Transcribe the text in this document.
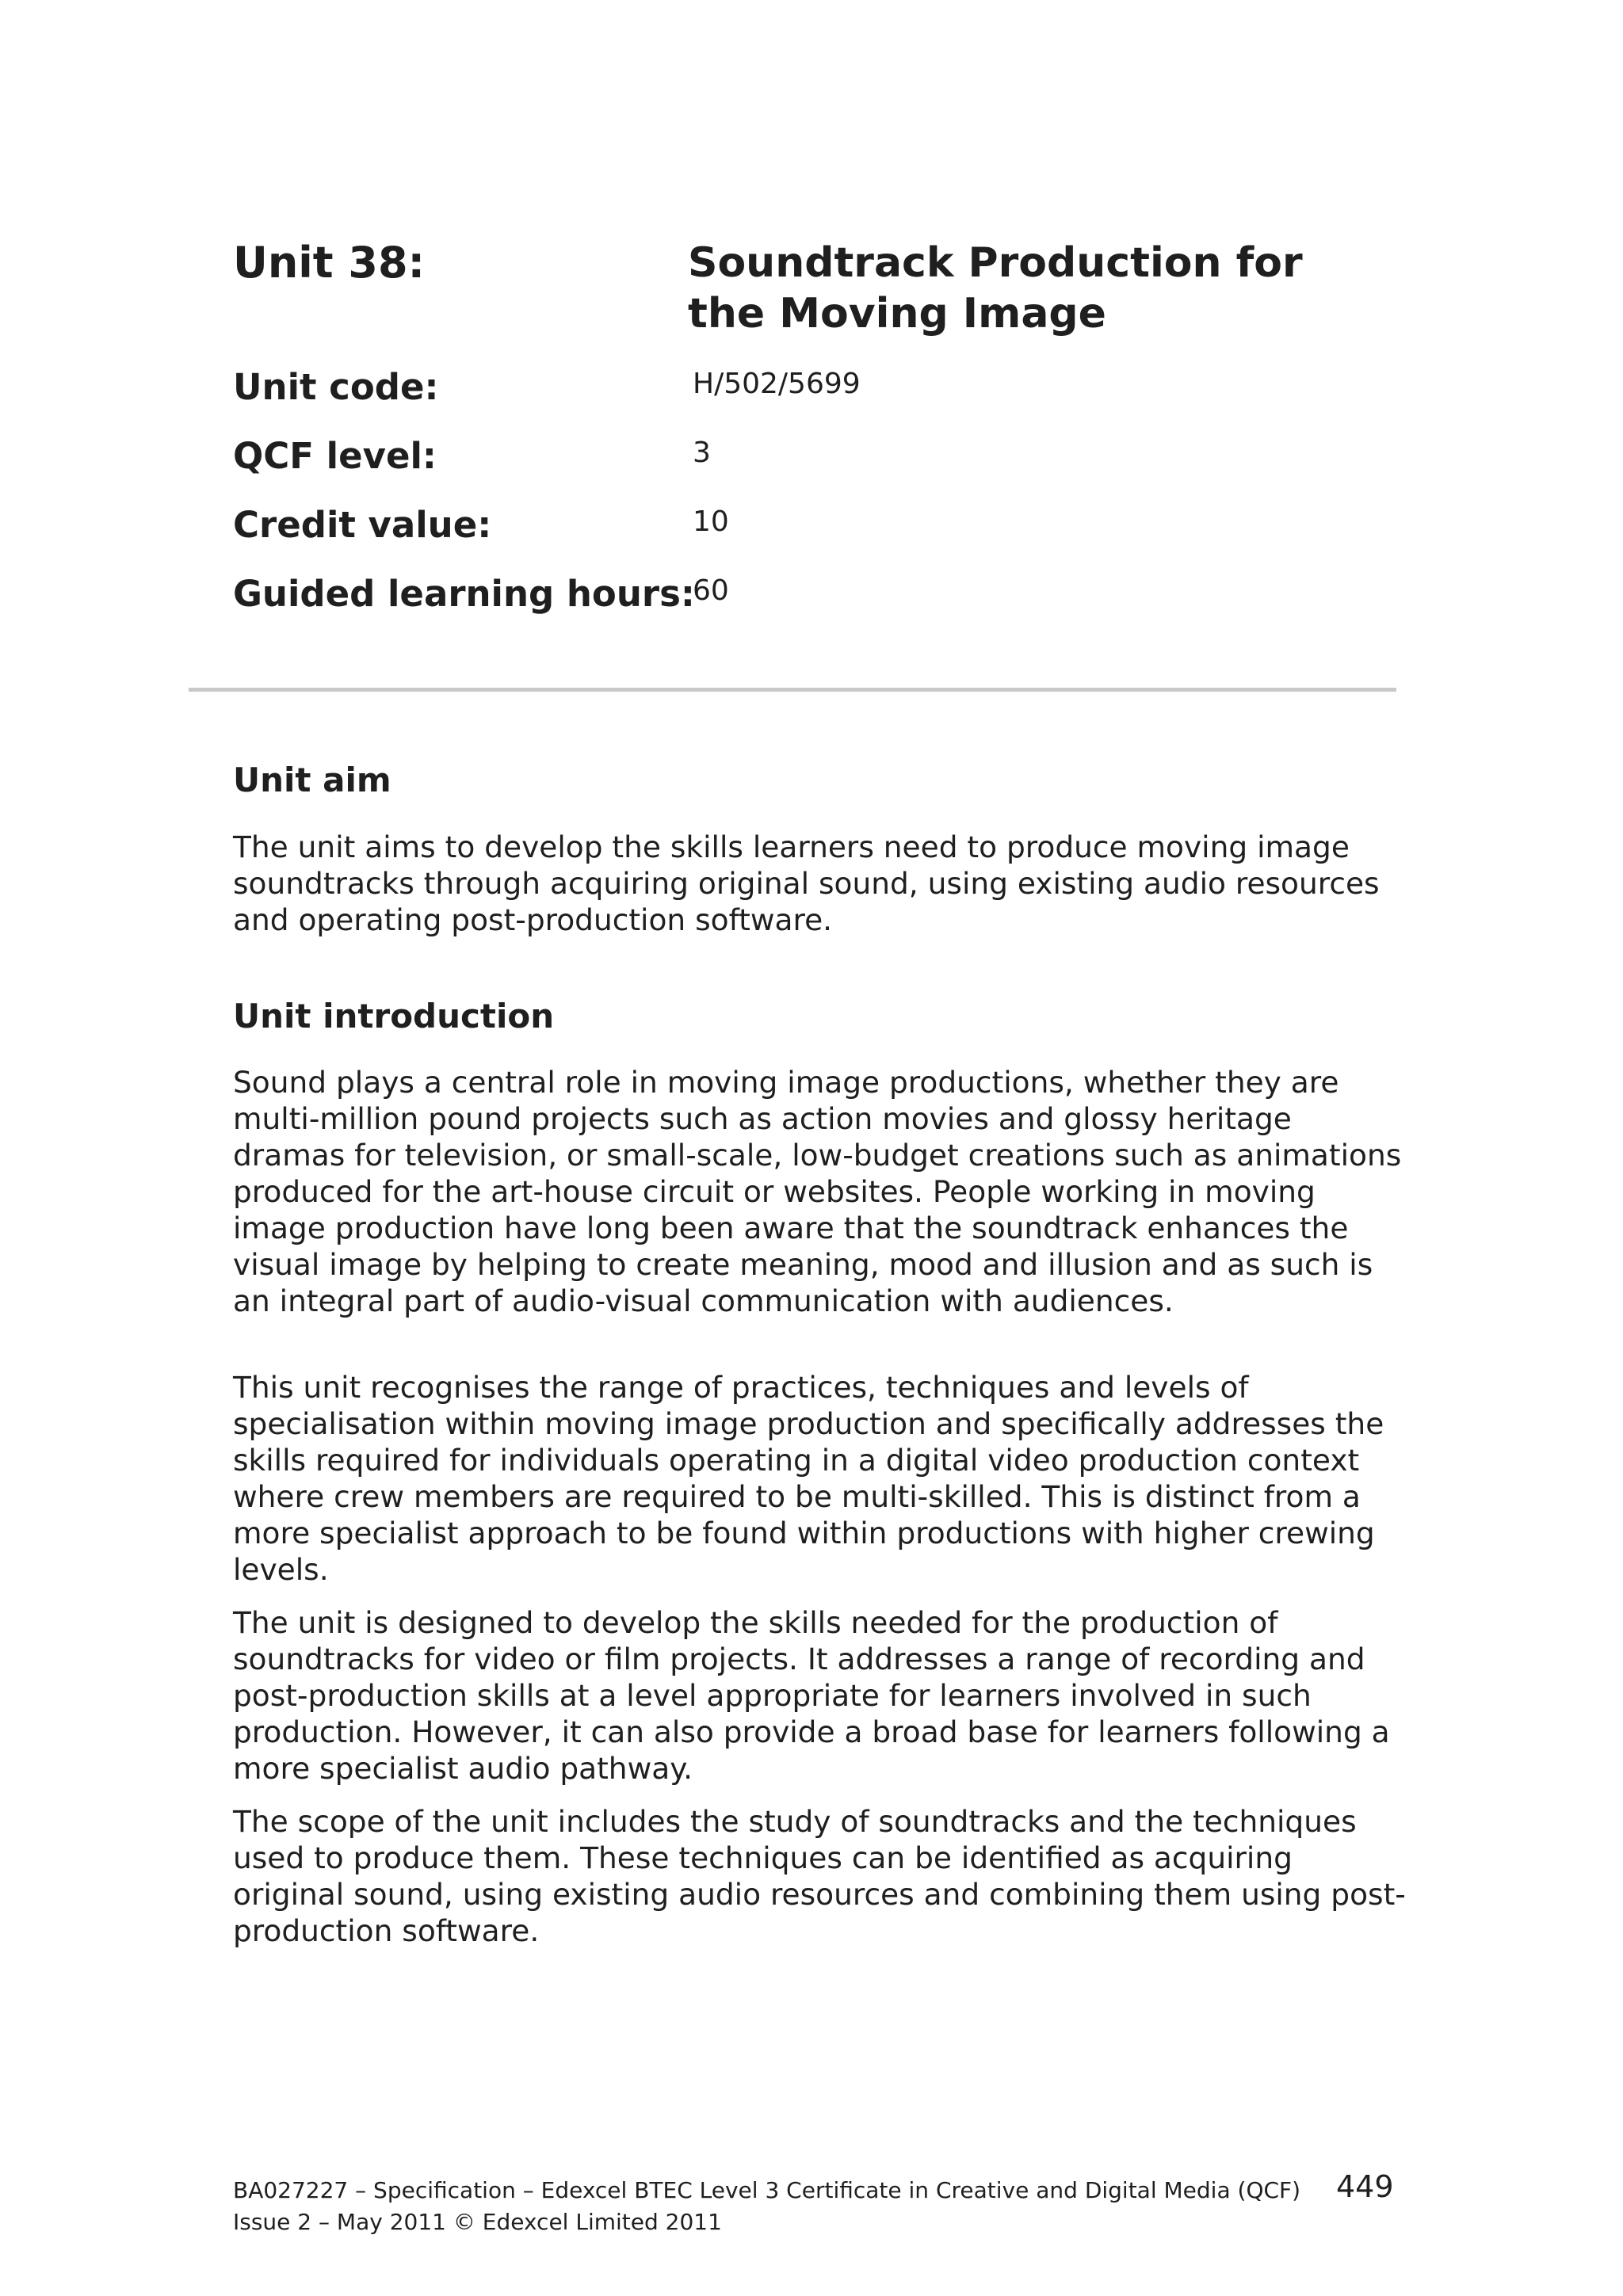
Unit 38:	Soundtrack Production for the Moving Image
Unit code:	H/502/5699
QCF level:	3
Credit value:	10
Guided learning hours:
60
Unit aim

The unit aims to develop the skills learners need to produce moving image soundtracks through acquiring original sound, using existing audio resources and operating post-production software.

Unit introduction

Sound plays a central role in moving image productions, whether they are multi-million pound projects such as action movies and glossy heritage dramas for television, or small-scale, low-budget creations such as animations produced for the art-house circuit or websites. People working in moving image production have long been aware that the soundtrack enhances the visual image by helping to create meaning, mood and illusion and as such is an integral part of audio-visual communication with audiences.

This unit recognises the range of practices, techniques and levels of specialisation within moving image production and specifically addresses the skills required for individuals operating in a digital video production context where crew members are required to be multi-skilled. This is distinct from a more specialist approach to be found within productions with higher crewing levels.

The unit is designed to develop the skills needed for the production of soundtracks for video or film projects. It addresses a range of recording and post-production skills at a level appropriate for learners involved in such production. However, it can also provide a broad base for learners following a more specialist audio pathway.

The scope of the unit includes the study of soundtracks and the techniques used to produce them. These techniques can be identified as acquiring original sound, using existing audio resources and combining them using post-production software.

BA027227 – Specification – Edexcel BTEC Level 3 Certificate in Creative and Digital Media (QCF)
Issue 2 – May 2011 © Edexcel Limited 2011
449
